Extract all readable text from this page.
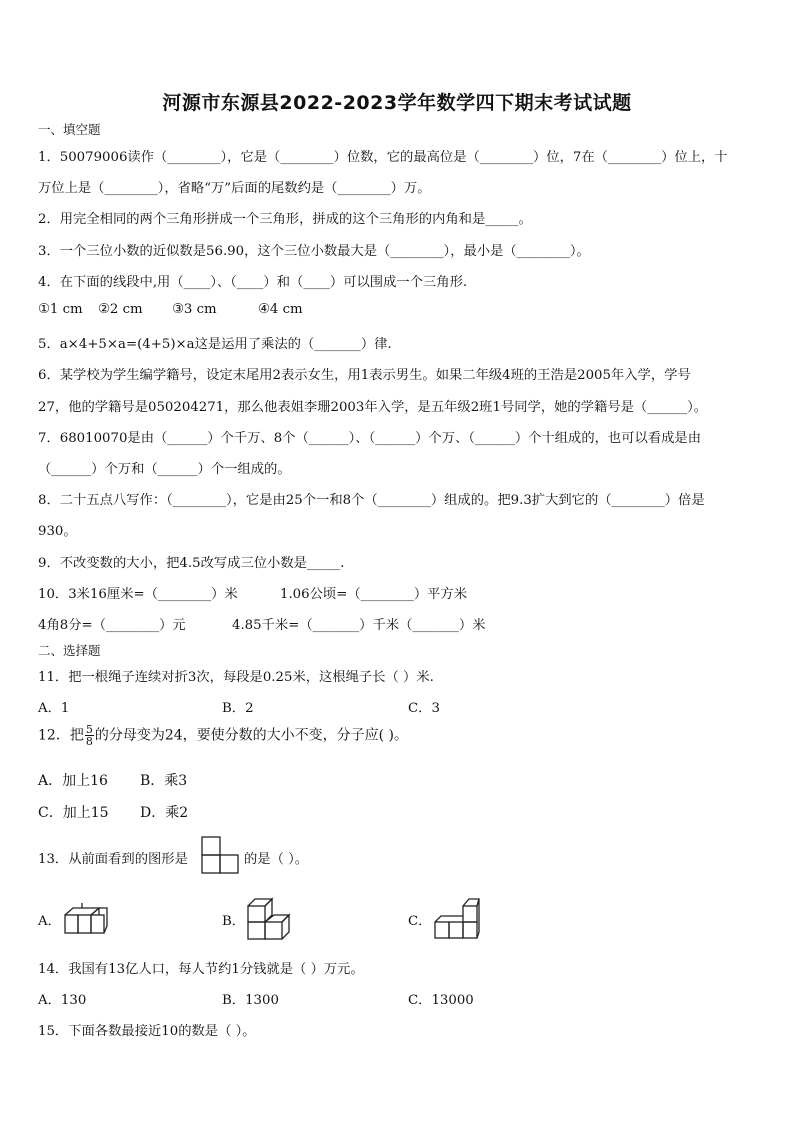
河源市东源县2022-2023学年数学四下期末考试试题
一、填空题
1．50079006读作（________），它是（________）位数，它的最高位是（________）位，7在（________）位上，十
万位上是（________），省略“万”后面的尾数约是（________）万。
2．用完全相同的两个三角形拼成一个三角形，拼成的这个三角形的内角和是_____。
3．一个三位小数的近似数是56.90，这个三位小数最大是（________），最小是（________）。
4．在下面的线段中,用（____）、（____）和（____）可以围成一个三角形.
①1 cm ②2 cm ③3 cm	④4 cm
5．a×4+5×a=(4+5)×a这是运用了乘法的（_______）律.
6．某学校为学生编学籍号，设定末尾用2表示女生，用1表示男生。如果二年级4班的王浩是2005年入学，学号
27，他的学籍号是050204271，那么他表姐李珊2003年入学，是五年级2班1号同学，她的学籍号是（______）。
7．68010070是由（______）个千万、8个（______）、（______）个万、（______）个十组成的，也可以看成是由
（______）个万和（______）个一组成的。
8．二十五点八写作：（________），它是由25个一和8个（________）组成的。把9.3扩大到它的（________）倍是
930。
9．不改变数的大小，把4.5改写成三位小数是_____.
10．3米16厘米=（________）米	1.06公顷=（________）平方米
4角8分=（________）元	4.85千米=（_______）千米（_______）米
二、选择题
11．把一根绳子连续对折3次，每段是0.25米，这根绳子长（ ）米.
A．1	B．2	C．3
12．把 $\frac{5}{8}$ 的分母变为24，要使分数的大小不变，分子应( )。
A．加上16 B．乘3
C．加上15 D．乘2
13．从前面看到的图形是	的是（ ）。
A．	B．	C．
14．我国有13亿人口，每人节约1分钱就是（ ）万元。
A．130	B．1300	C．13000
15．下面各数最接近10的数是（ ）。
